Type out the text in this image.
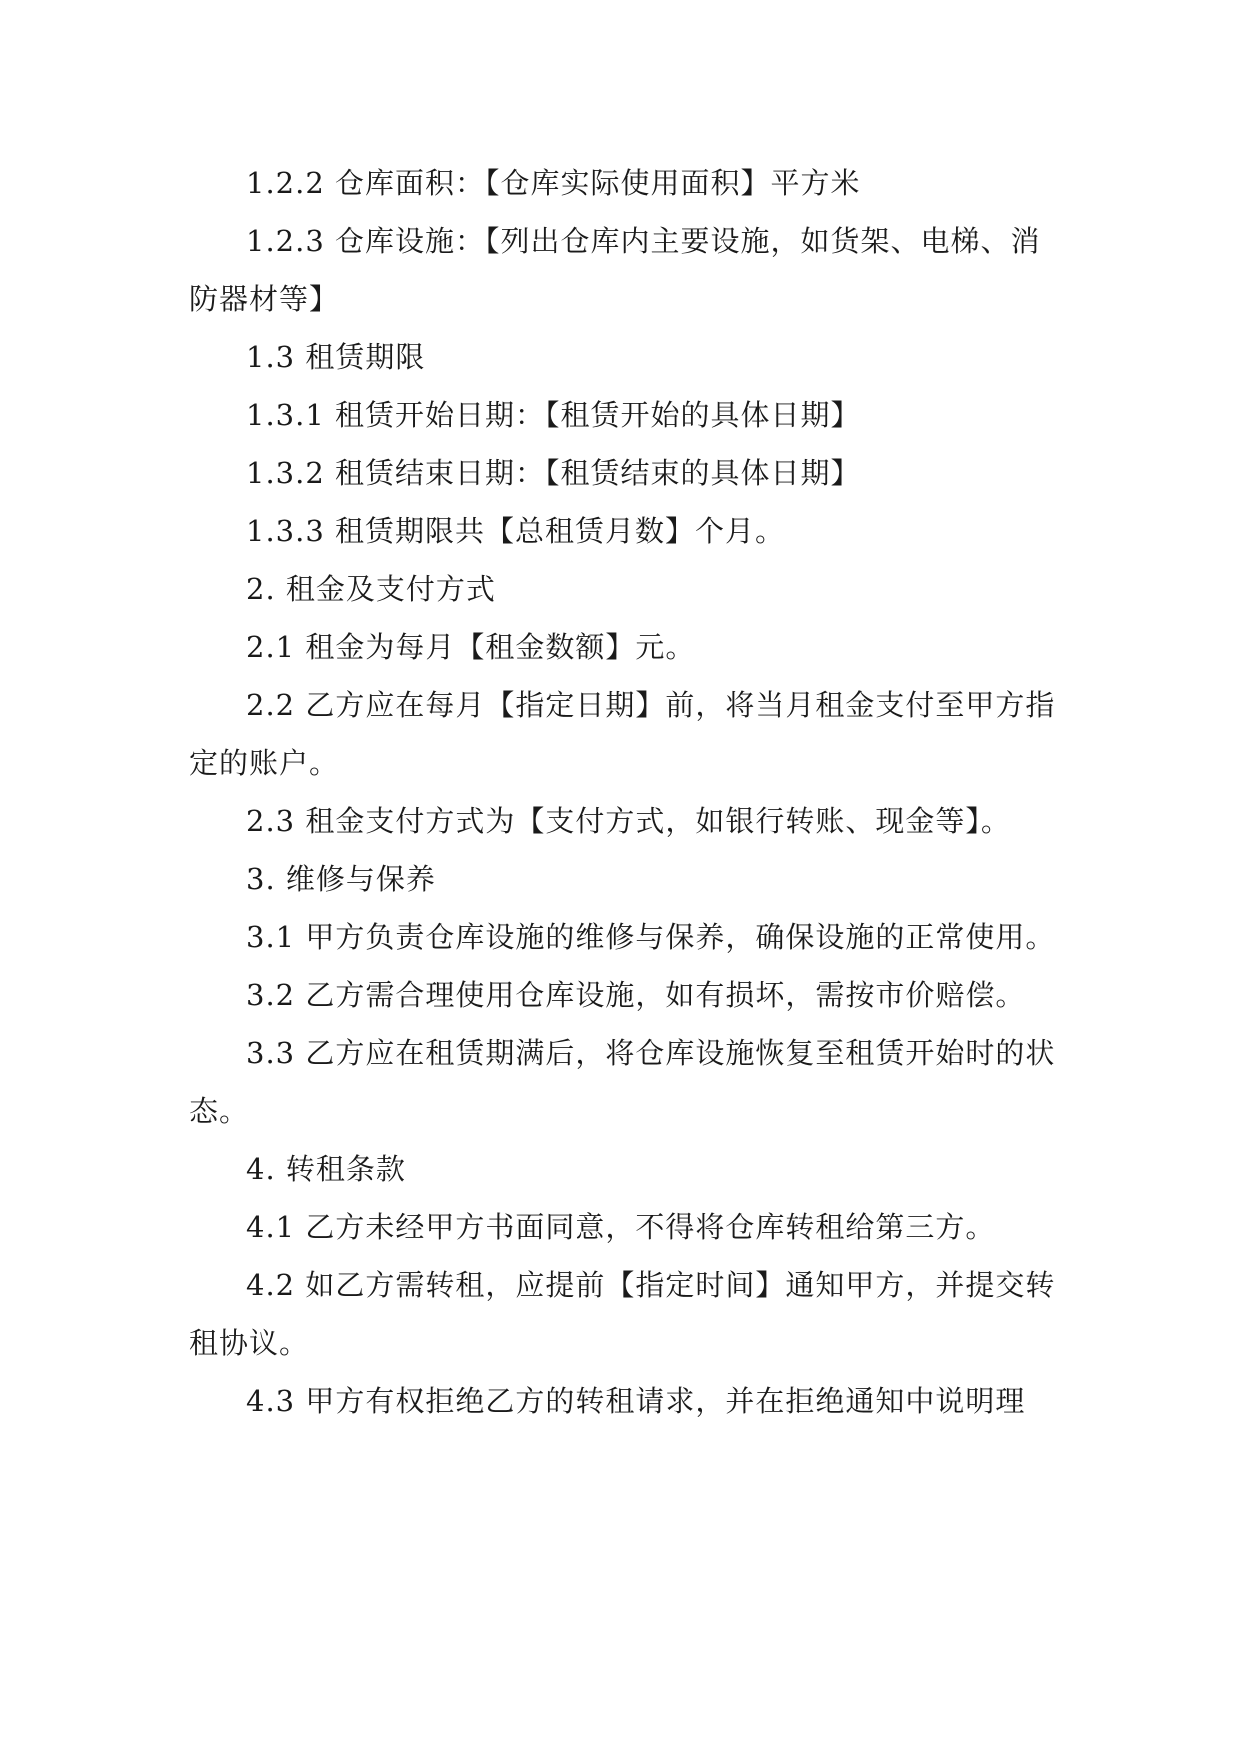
1.2.2 仓库面积：【仓库实际使用面积】平方米
1.2.3 仓库设施：【列出仓库内主要设施，如货架、电梯、消
防器材等】
1.3 租赁期限
1.3.1 租赁开始日期：【租赁开始的具体日期】
1.3.2 租赁结束日期：【租赁结束的具体日期】
1.3.3 租赁期限共【总租赁月数】个月。
2. 租金及支付方式
2.1 租金为每月【租金数额】元。
2.2 乙方应在每月【指定日期】前，将当月租金支付至甲方指
定的账户。
2.3 租金支付方式为【支付方式，如银行转账、现金等】。
3. 维修与保养
3.1 甲方负责仓库设施的维修与保养，确保设施的正常使用。
3.2 乙方需合理使用仓库设施，如有损坏，需按市价赔偿。
3.3 乙方应在租赁期满后，将仓库设施恢复至租赁开始时的状
态。
4. 转租条款
4.1 乙方未经甲方书面同意，不得将仓库转租给第三方。
4.2 如乙方需转租，应提前【指定时间】通知甲方，并提交转
租协议。
4.3 甲方有权拒绝乙方的转租请求，并在拒绝通知中说明理
